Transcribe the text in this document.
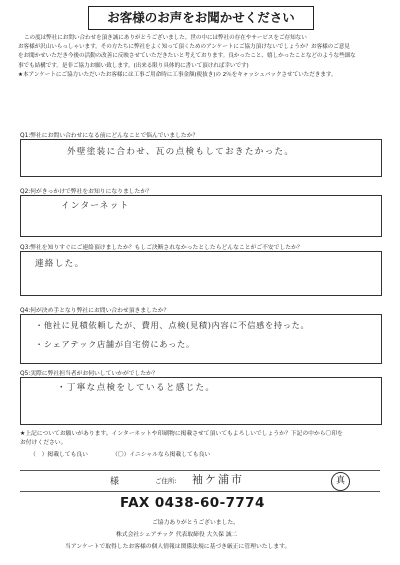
お客様のお声をお聞かせください

この度は弊社にお問い合わせを頂き誠にありがとうございました。世の中には弊社の存在やサービスをご存知ない

お客様が沢山いらっしゃいます。その方たちに弊社をよく知って頂くためのアンケートにご協力頂けないでしょうか？お客様のご意見

をお聞かせいただき今後の活動の改善に反映させていただきたいと考えております。良かったこと、嬉しかったことなどのような些細な

事でも結構です。是非ご協力お願い致します。(出来る限り具体的に書いて頂ければ幸いです)

★本アンケートにご協力いただいたお客様には工事ご用命時に工事金額(税抜き)の 2％をキャッシュバックさせていただきます。

Q1:弊社にお問い合わせになる前にどんなことで悩んでいましたか？
外壁塗装に合わせ、瓦の点検もしておきたかった。
Q2:何がきっかけで弊社をお知りになりましたか？
インターネット
Q3:弊社を知りすぐにご連絡頂けましたか？もしご決断されなかったとしたらどんなことがご不安でしたか？
連絡した。
Q4:何が決め手となり弊社にお問い合わせ頂きましたか？
・他社に見積依頼したが、費用、点検(見積)内容に不信感を持った。
・シェアテック店舗が自宅傍にあった。
Q5:実際に弊社担当者がお伺いしていかがでしたか？
・丁寧な点検をしていると感じた。
★上記についてお願いがあります。インターネットや印刷物に掲載させて頂いてもよろしいでしょうか？下記の中から〇印を
お付けください。
（　）掲載しても良い	（〇）イニシャルなら掲載しても良い
様	ご住所: 袖ケ浦市	真
FAX 0438-60-7774
ご協力ありがとうございました。
株式会社シェアテック 代表取締役 大久保 誠二
当アンケートで取得したお客様の個人情報は関係法規に基づき厳正に管理いたします。
